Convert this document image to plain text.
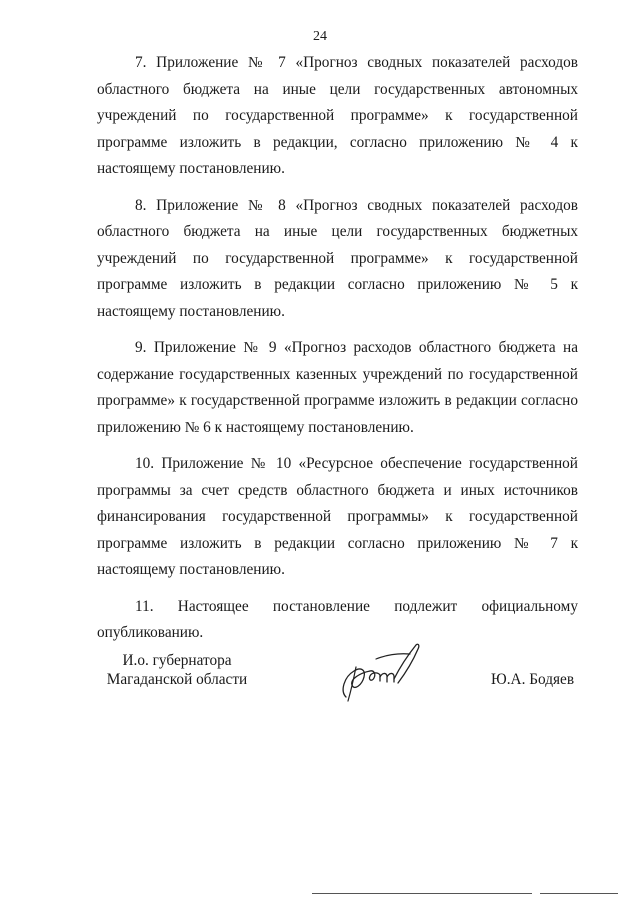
24

7. Приложение № 7 «Прогноз сводных показателей расходов областного бюджета на иные цели государственных автономных учреждений по государственной программе» к государственной программе изложить в редакции, согласно приложению № 4 к настоящему постановлению.

8. Приложение № 8 «Прогноз сводных показателей расходов областного бюджета на иные цели государственных бюджетных учреждений по государственной программе» к государственной программе изложить в редакции согласно приложению № 5 к настоящему постановлению.

9. Приложение № 9 «Прогноз расходов областного бюджета на содержание государственных казенных учреждений по государственной программе» к государственной программе изложить в редакции согласно приложению № 6 к настоящему постановлению.

10. Приложение № 10 «Ресурсное обеспечение государственной программы за счет средств областного бюджета и иных источников финансирования государственной программы» к государственной программе изложить в редакции согласно приложению № 7 к настоящему постановлению.

11. Настоящее постановление подлежит официальному опубликованию.

И.о. губернатора
Магаданской области	Ю.А. Бодяев
